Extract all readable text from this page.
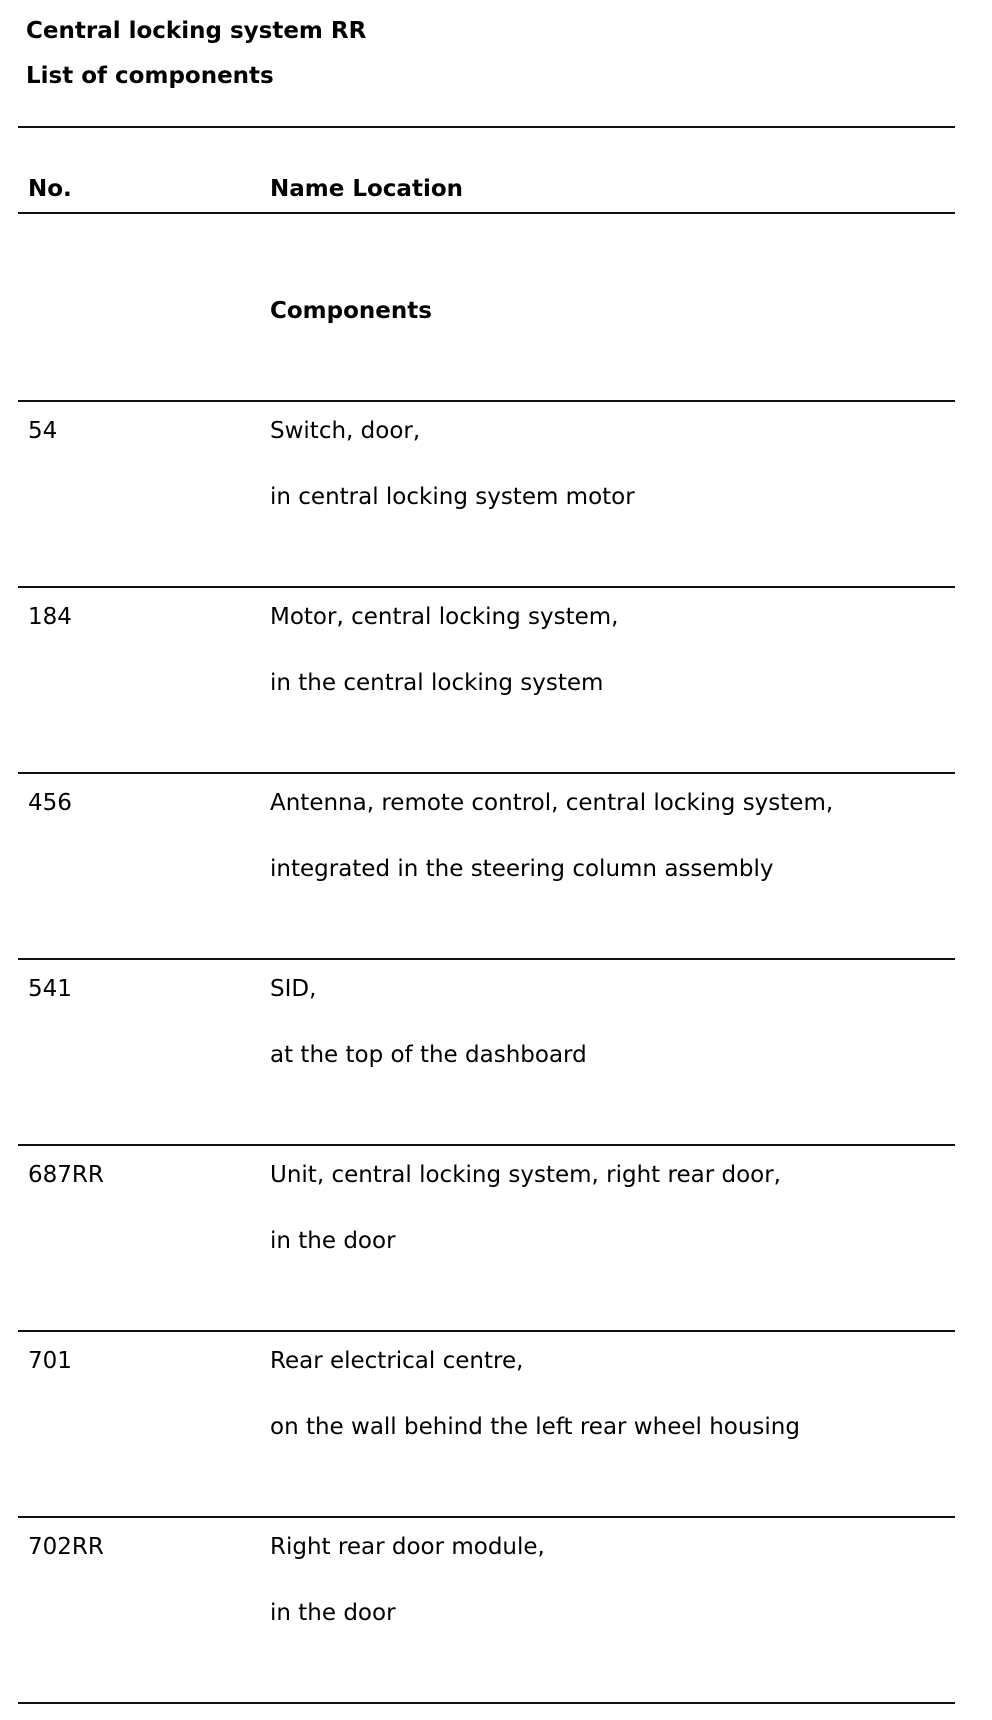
Central locking system RR
List of components
No.	Name Location
Components
54	Switch, door,
in central locking system motor
184	Motor, central locking system,
in the central locking system
456	Antenna, remote control, central locking system,
integrated in the steering column assembly
541	SID,
at the top of the dashboard
687RR	Unit, central locking system, right rear door,
in the door
701	Rear electrical centre,
on the wall behind the left rear wheel housing
702RR	Right rear door module,
in the door
